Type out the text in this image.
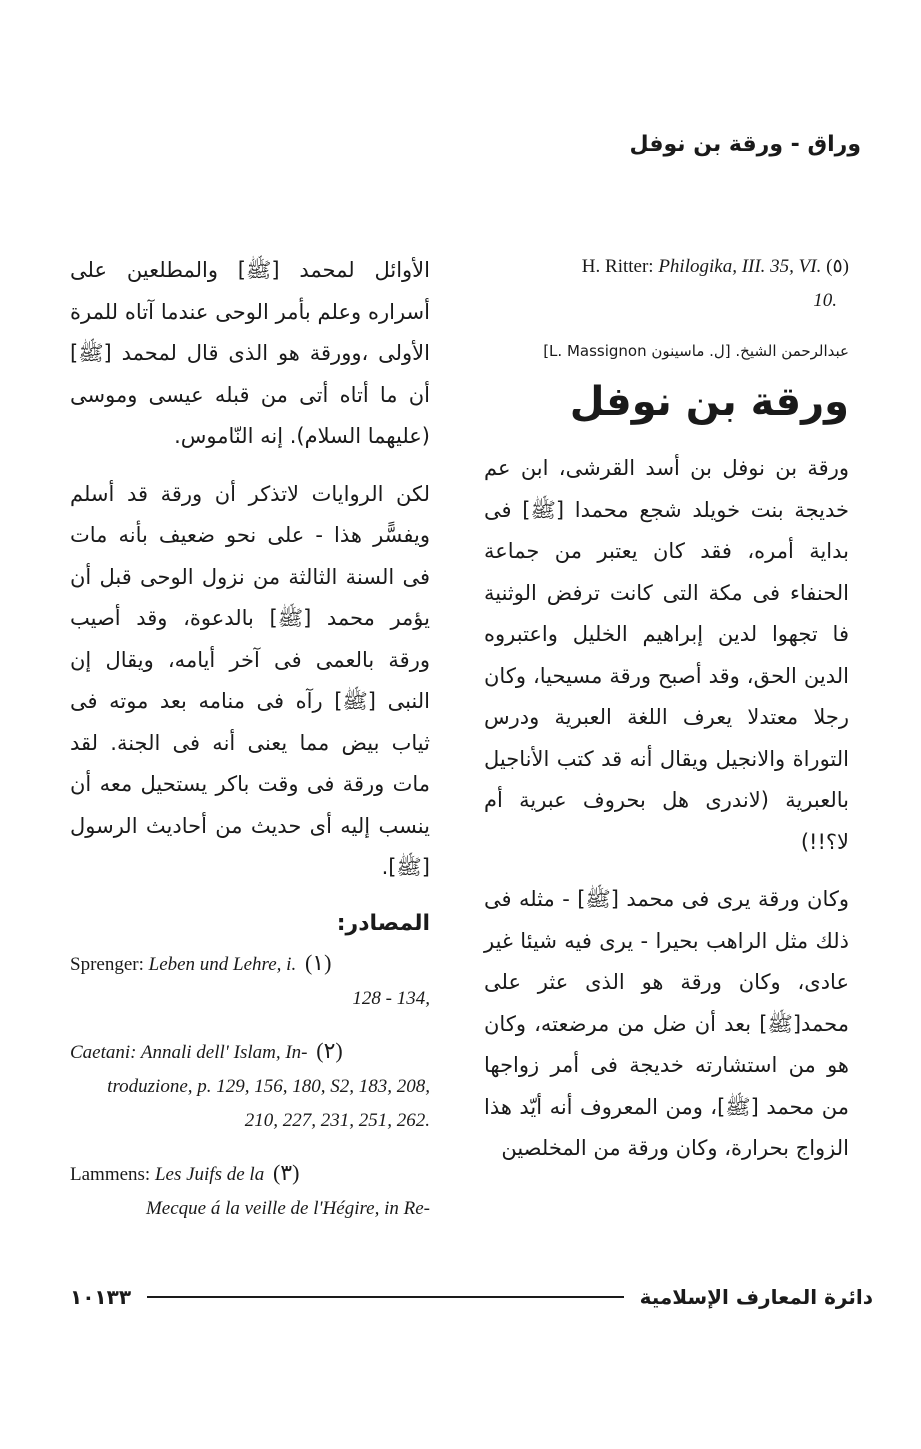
وراق - ورقة بن نوفل

الأوائل لمحمد [ﷺ] والمطلعين على أسراره وعلم بأمر الوحى عندما آتاه للمرة الأولى ،وورقة هو الذى قال لمحمد [ﷺ] أن ما أتاه أتى من قبله عيسى وموسى (عليهما السلام). إنه النّاموس.

لكن الروايات لاتذكر أن ورقة قد أسلم ويفسًّر هذا - على نحو ضعيف بأنه مات فى السنة الثالثة من نزول الوحى قبل أن يؤمر محمد [ﷺ] بالدعوة، وقد أصيب ورقة بالعمى فى آخر أيامه، ويقال إن النبى [ﷺ] رآه فى منامه بعد موته فى ثياب بيض مما يعنى أنه فى الجنة. لقد مات ورقة فى وقت باكر يستحيل معه أن ينسب إليه أى حديث من أحاديث الرسول [ﷺ].

المصادر:
Sprenger: Leben und Lehre, i. (١)
128 - 134,
Caetani: Annali dell' Islam, In- (٢)
troduzione, p. 129, 156, 180, S2, 183, 208, 210, 227, 231, 251, 262.
Lammens: Les Juifs de la (٣)
Mecque á la veille de l'Hégire, in Re-
H. Ritter: Philogika, III. 35, VI. (٥)
10.
عبدالرحمن الشيخ. [ل. ماسينون L. Massignon]
ورقة بن نوفل

ورقة بن نوفل بن أسد القرشى، ابن عم خديجة بنت خويلد شجع محمدا [ﷺ] فى بداية أمره، فقد كان يعتبر من جماعة الحنفاء فى مكة التى كانت ترفض الوثنية فا تجهوا لدين إبراهيم الخليل واعتبروه الدين الحق، وقد أصبح ورقة مسيحيا، وكان رجلا معتدلا يعرف اللغة العبرية ودرس التوراة والانجيل ويقال أنه قد كتب الأناجيل بالعبرية (لاندرى هل بحروف عبرية أم لا؟!!)

وكان ورقة يرى فى محمد [ﷺ] - مثله فى ذلك مثل الراهب بحيرا - يرى فيه شيئا غير عادى، وكان ورقة هو الذى عثر على محمد[ﷺ] بعد أن ضل من مرضعته، وكان هو من استشارته خديجة فى أمر زواجها من محمد [ﷺ]، ومن المعروف أنه أيّد هذا الزواج بحرارة، وكان ورقة من المخلصين

دائرة المعارف الإسلامية
١٠١٣٣
